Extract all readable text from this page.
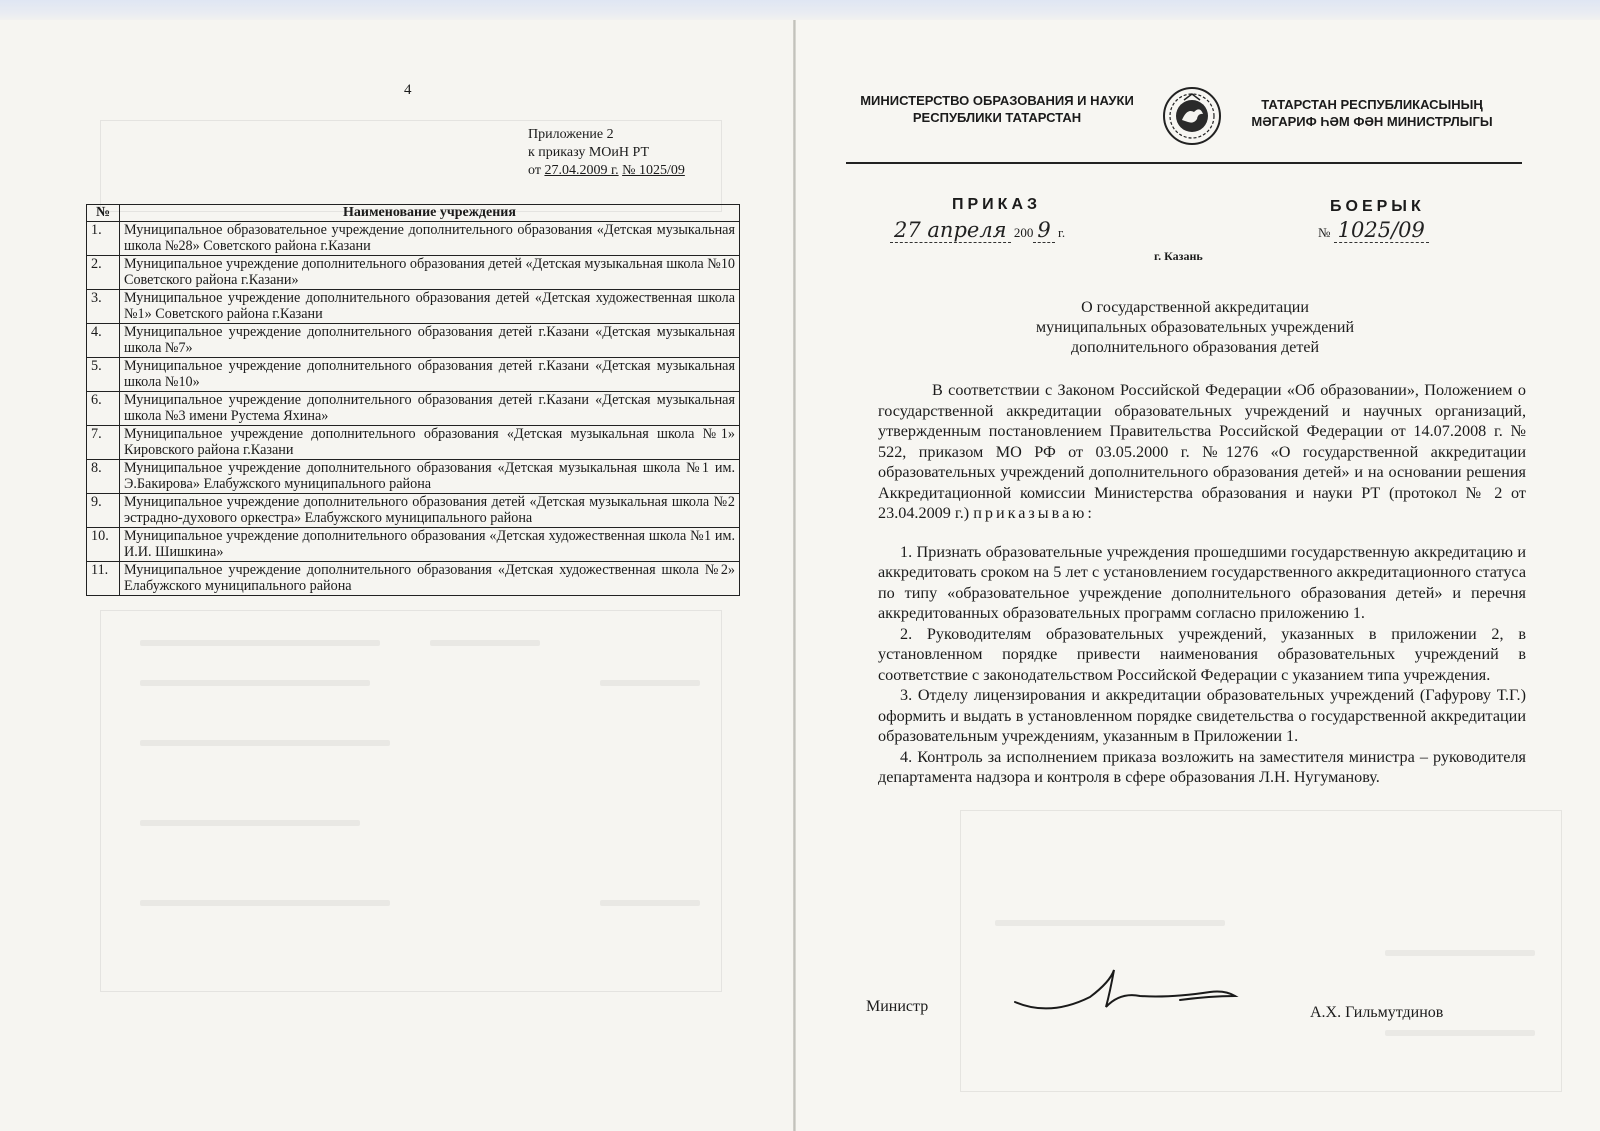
4
Приложение 2
к приказу МОиН РТ
от 27.04.2009 г. № 1025/09
№	Наименование учреждения
1.	Муниципальное образовательное учреждение дополнительного образования «Детская музыкальная школа №28» Советского района г.Казани
2.	Муниципальное учреждение дополнительного образования детей «Детская музыкальная школа №10 Советского района г.Казани»
3.	Муниципальное учреждение дополнительного образования детей «Детская художественная школа №1» Советского района г.Казани
4.	Муниципальное учреждение дополнительного образования детей г.Казани «Детская музыкальная школа №7»
5.	Муниципальное учреждение дополнительного образования детей г.Казани «Детская музыкальная школа №10»
6.	Муниципальное учреждение дополнительного образования детей г.Казани «Детская музыкальная школа №3 имени Рустема Яхина»
7.	Муниципальное учреждение дополнительного образования «Детская музыкальная школа №1» Кировского района г.Казани
8.	Муниципальное учреждение дополнительного образования «Детская музыкальная школа №1 им. Э.Бакирова» Елабужского муниципального района
9.	Муниципальное учреждение дополнительного образования детей «Детская музыкальная школа №2 эстрадно-духового оркестра» Елабужского муниципального района
10.	Муниципальное учреждение дополнительного образования «Детская художественная школа №1 им. И.И. Шишкина»
11.	Муниципальное учреждение дополнительного образования «Детская художественная школа №2» Елабужского муниципального района
МИНИСТЕРСТВО ОБРАЗОВАНИЯ И НАУКИ
РЕСПУБЛИКИ ТАТАРСТАН
ТАТАРСТАН РЕСПУБЛИКАСЫНЫҢ
МӘГАРИФ ҺӘМ ФӘН МИНИСТРЛЫГЫ
ПРИКАЗ	БОЕРЫК
27 апреля 200 9 г.	№ 1025/09
г. Казань
О государственной аккредитации
муниципальных образовательных учреждений
дополнительного образования детей

В соответствии с Законом Российской Федерации «Об образовании», Положением о государственной аккредитации образовательных учреждений и научных организаций, утвержденным постановлением Правительства Российской Федерации от 14.07.2008 г. № 522, приказом МО РФ от 03.05.2000 г. №1276 «О государственной аккредитации образовательных учреждений дополнительного образования детей» и на основании решения Аккредитационной комиссии Министерства образования и науки РТ (протокол № 2 от 23.04.2009 г.) приказываю:

1. Признать образовательные учреждения прошедшими государственную аккредитацию и аккредитовать сроком на 5 лет с установлением государственного аккредитационного статуса по типу «образовательное учреждение дополнительного образования детей» и перечня аккредитованных образовательных программ согласно приложению 1.

2. Руководителям образовательных учреждений, указанных в приложении 2, в установленном порядке привести наименования образовательных учреждений в соответствие с законодательством Российской Федерации с указанием типа учреждения.

3. Отделу лицензирования и аккредитации образовательных учреждений (Гафурову Т.Г.) оформить и выдать в установленном порядке свидетельства о государственной аккредитации образовательным учреждениям, указанным в Приложении 1.

4. Контроль за исполнением приказа возложить на заместителя министра – руководителя департамента надзора и контроля в сфере образования Л.Н. Нугуманову.

Министр	А.Х. Гильмутдинов
